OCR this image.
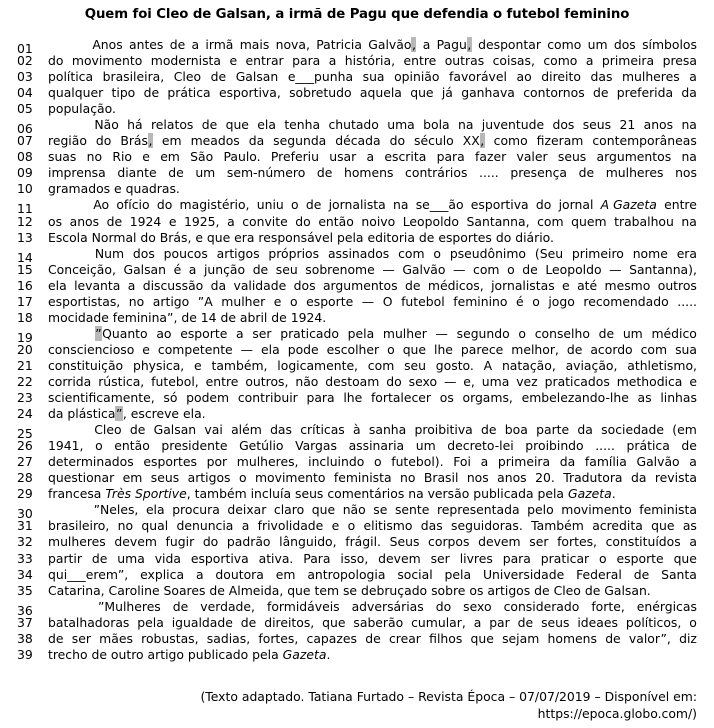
Quem foi Cleo de Galsan, a irmã de Pagu que defendia o futebol feminino
01	Anos antes de a irmã mais nova, Patricia Galvão, a Pagu, despontar como um dos símbolos
02	do movimento modernista e entrar para a história, entre outras coisas, como a primeira presa
03	política brasileira, Cleo de Galsan e___punha sua opinião favorável ao direito das mulheres a
04	qualquer tipo de prática esportiva, sobretudo aquela que já ganhava contornos de preferida da
05	população.
06	Não há relatos de que ela tenha chutado uma bola na juventude dos seus 21 anos na
07	região do Brás, em meados da segunda década do século XX, como fizeram contemporâneas
08	suas no Rio e em São Paulo. Preferiu usar a escrita para fazer valer seus argumentos na
09	imprensa diante de um sem-número de homens contrários ..... presença de mulheres nos
10	gramados e quadras.
11	Ao ofício do magistério, uniu o de jornalista na se___ão esportiva do jornal A Gazeta entre
12	os anos de 1924 e 1925, a convite do então noivo Leopoldo Santanna, com quem trabalhou na
13	Escola Normal do Brás, e que era responsável pela editoria de esportes do diário.
14	Num dos poucos artigos próprios assinados com o pseudônimo (Seu primeiro nome era
15	Conceição, Galsan é a junção de seu sobrenome — Galvão — com o de Leopoldo — Santanna),
16	ela levanta a discussão da validade dos argumentos de médicos, jornalistas e até mesmo outros
17	esportistas, no artigo ”A mulher e o esporte — O futebol feminino é o jogo recomendado .....
18	mocidade feminina”, de 14 de abril de 1924.
19	”Quanto ao esporte a ser praticado pela mulher — segundo o conselho de um médico
20	consciencioso e competente — ela pode escolher o que lhe parece melhor, de acordo com sua
21	constituição physica, e também, logicamente, com seu gosto. A natação, aviação, athletismo,
22	corrida rústica, futebol, entre outros, não destoam do sexo — e, uma vez praticados methodica e
23	scientificamente, só podem contribuir para lhe fortalecer os orgams, embelezando-lhe as linhas
24	da plástica”, escreve ela.
25	Cleo de Galsan vai além das críticas à sanha proibitiva de boa parte da sociedade (em
26	1941, o então presidente Getúlio Vargas assinaria um decreto-lei proibindo ..... prática de
27	determinados esportes por mulheres, incluindo o futebol). Foi a primeira da família Galvão a
28	questionar em seus artigos o movimento feminista no Brasil nos anos 20. Tradutora da revista
29	francesa Très Sportive, também incluía seus comentários na versão publicada pela Gazeta.
30	”Neles, ela procura deixar claro que não se sente representada pelo movimento feminista
31	brasileiro, no qual denuncia a frivolidade e o elitismo das seguidoras. Também acredita que as
32	mulheres devem fugir do padrão lânguido, frágil. Seus corpos devem ser fortes, constituídos a
33	partir de uma vida esportiva ativa. Para isso, devem ser livres para praticar o esporte que
34	qui___erem”, explica a doutora em antropologia social pela Universidade Federal de Santa
35	Catarina, Caroline Soares de Almeida, que tem se debruçado sobre os artigos de Cleo de Galsan.
36	”Mulheres de verdade, formidáveis adversárias do sexo considerado forte, enérgicas
37	batalhadoras pela igualdade de direitos, que saberão cumular, a par de seus ideaes políticos, o
38	de ser mães robustas, sadias, fortes, capazes de crear filhos que sejam homens de valor”, diz
39	trecho de outro artigo publicado pela Gazeta.
(Texto adaptado. Tatiana Furtado – Revista Época – 07/07/2019 – Disponível em:
https://epoca.globo.com/)
